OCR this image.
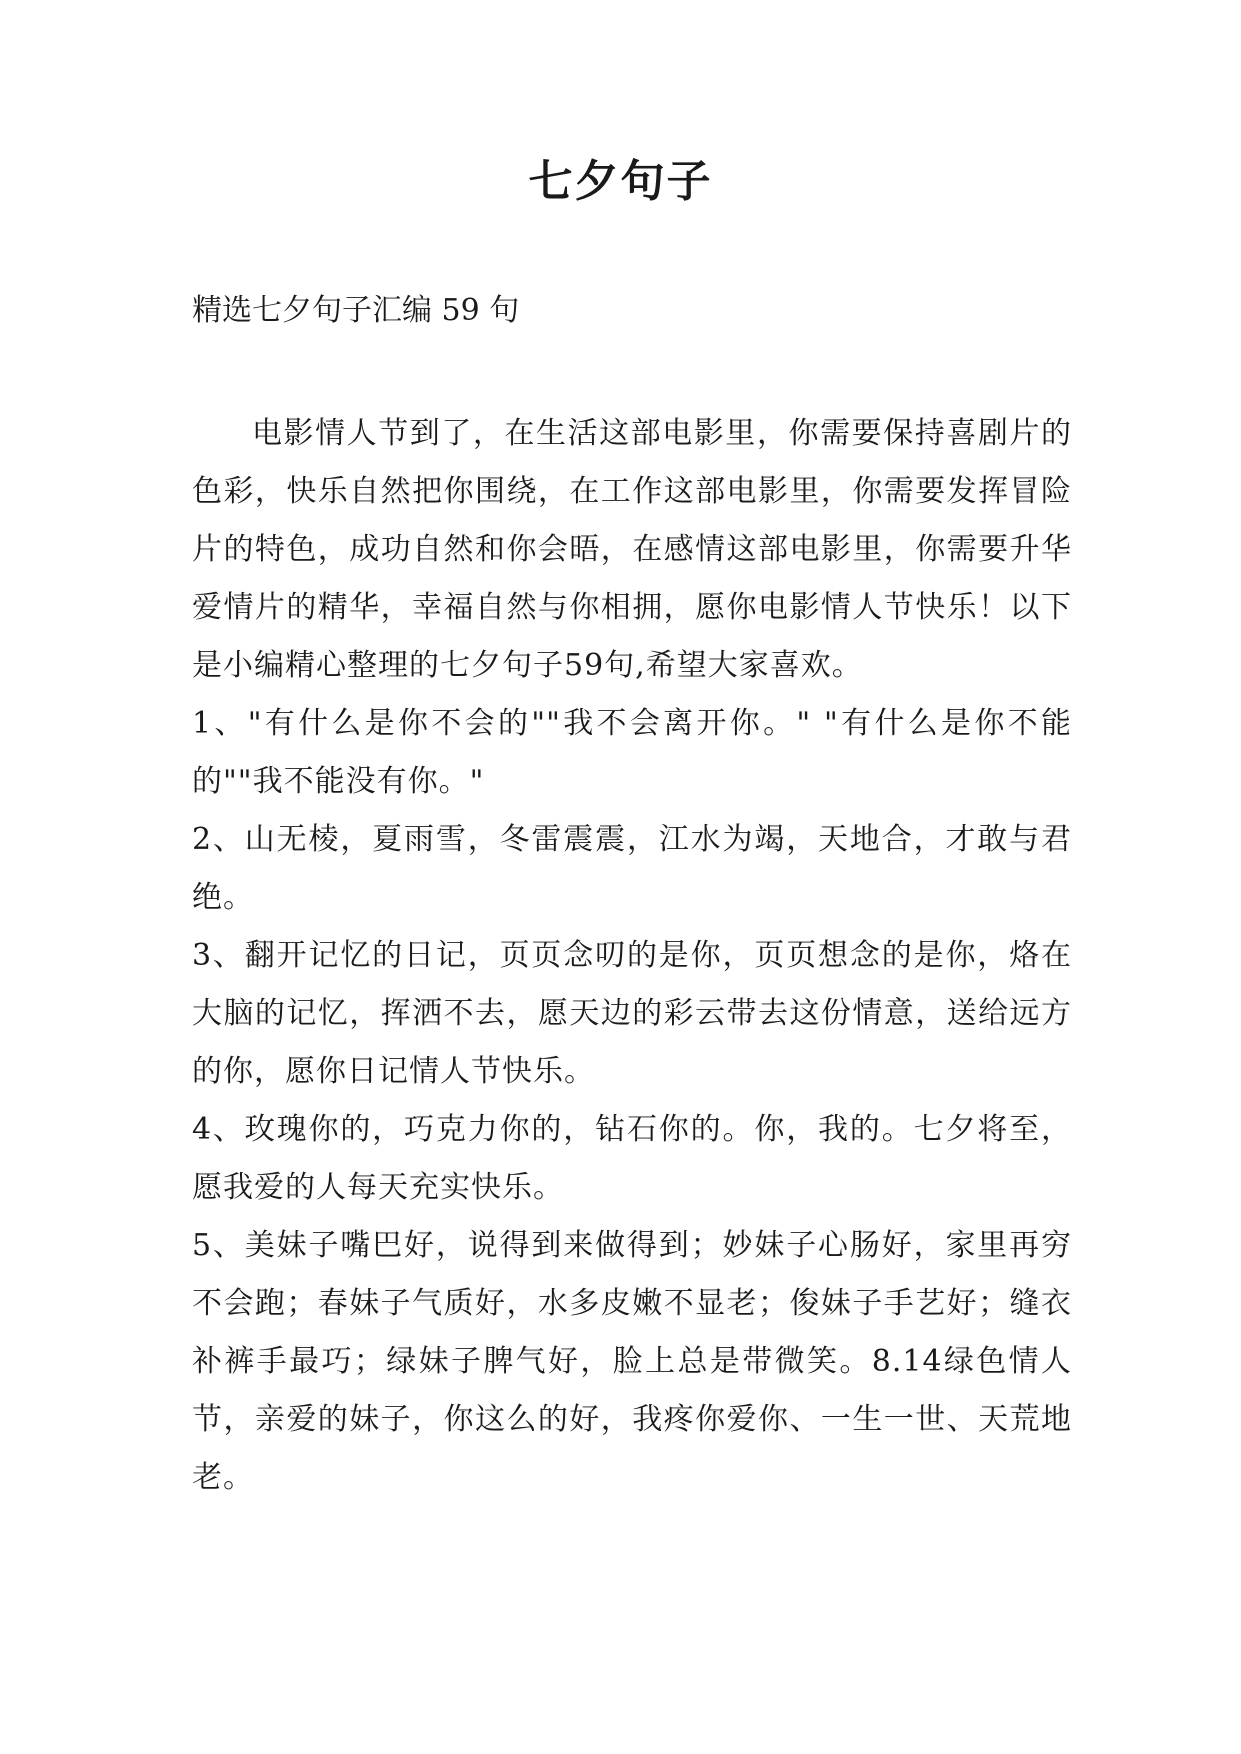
七夕句子
精选七夕句子汇编 59 句

电影情人节到了，在生活这部电影里，你需要保持喜剧片的色彩，快乐自然把你围绕，在工作这部电影里，你需要发挥冒险片的特色，成功自然和你会晤，在感情这部电影里，你需要升华爱情片的精华，幸福自然与你相拥，愿你电影情人节快乐！以下是小编精心整理的七夕句子59句,希望大家喜欢。

1、"有什么是你不会的""我不会离开你。" "有什么是你不能的""我不能没有你。"

2、山无棱，夏雨雪，冬雷震震，江水为竭，天地合，才敢与君绝。

3、翻开记忆的日记，页页念叨的是你，页页想念的是你，烙在大脑的记忆，挥洒不去，愿天边的彩云带去这份情意，送给远方的你，愿你日记情人节快乐。

4、玫瑰你的，巧克力你的，钻石你的。你，我的。七夕将至，愿我爱的人每天充实快乐。

5、美妹子嘴巴好，说得到来做得到；妙妹子心肠好，家里再穷不会跑；春妹子气质好，水多皮嫩不显老；俊妹子手艺好；缝衣补裤手最巧；绿妹子脾气好，脸上总是带微笑。8.14绿色情人节，亲爱的妹子，你这么的好，我疼你爱你、一生一世、天荒地老。
